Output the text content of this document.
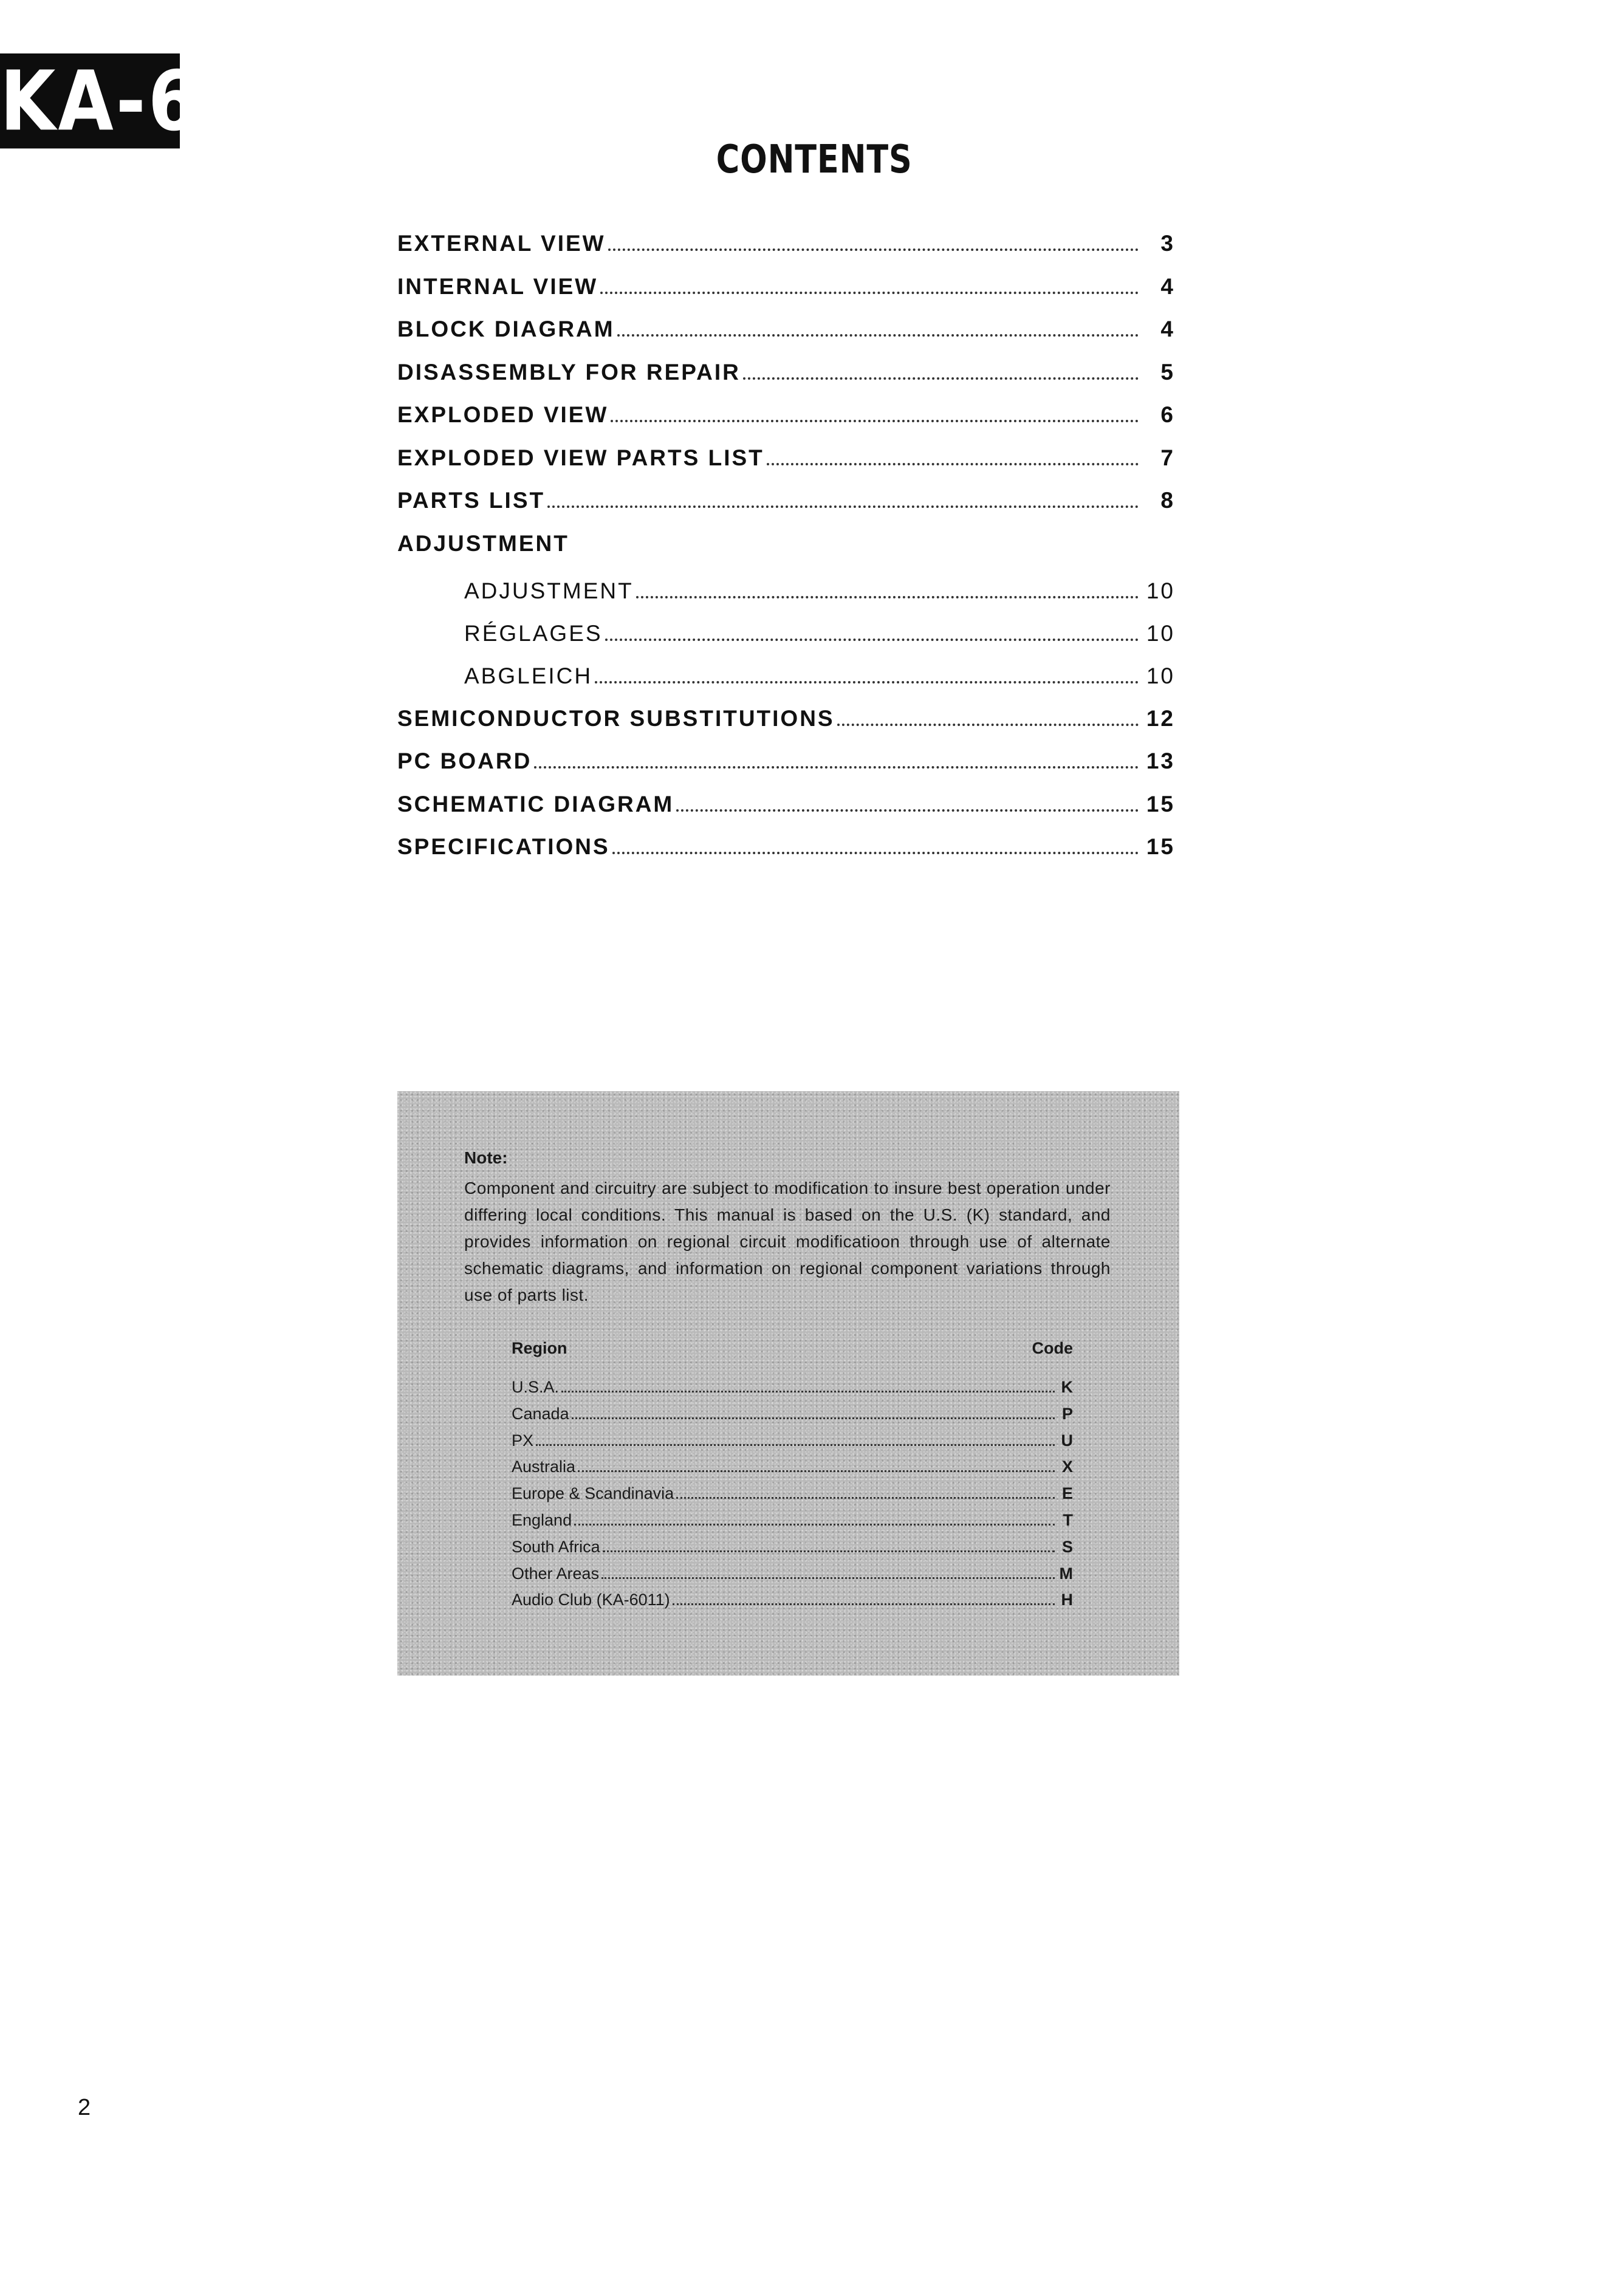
KA-601
CONTENTS
EXTERNAL VIEW	3
INTERNAL VIEW	4
BLOCK DIAGRAM	4
DISASSEMBLY FOR REPAIR	5
EXPLODED VIEW	6
EXPLODED VIEW PARTS LIST	7
PARTS LIST	8
ADJUSTMENT
ADJUSTMENT	10
RÉGLAGES	10
ABGLEICH	10
SEMICONDUCTOR SUBSTITUTIONS	12
PC BOARD	13
SCHEMATIC DIAGRAM	15
SPECIFICATIONS	15
Note:
Component and circuitry are subject to modification to insure best operation under differing local conditions. This manual is based on the U.S. (K) standard, and provides information on regional circuit modificatioon through use of alternate schematic diagrams, and information on regional component variations through use of parts list.
Region	Code
U.S.A.	K
Canada	P
PX	U
Australia	X
Europe & Scandinavia	E
England	T
South Africa	S
Other Areas	M
Audio Club (KA-6011)	H
2
